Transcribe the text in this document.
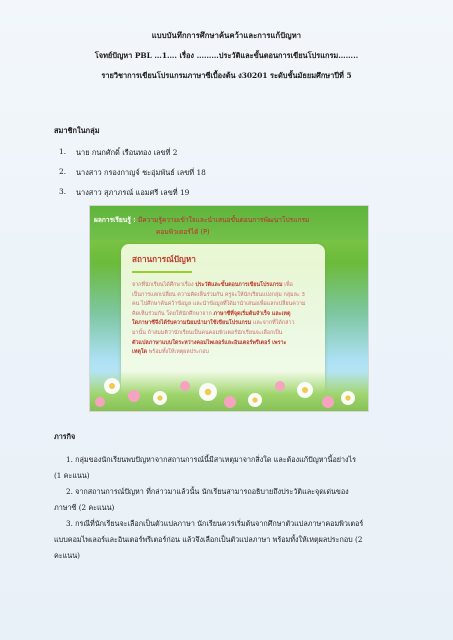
แบบบันทึกการศึกษาค้นคว้าและการแก้ปัญหา
โจทย์ปัญหา PBL …1…. เรื่อง ………ประวัติและขั้นตอนการเขียนโปรแกรม……..
รายวิชาการเขียนโปรแกรมภาษาซีเบื้องต้น ง30201 ระดับชั้นมัธยมศึกษาปีที่ 5
สมาชิกในกลุ่ม
1.	นาย กนกศักดิ์ เรือนทอง เลขที่ 2
2.	นางสาว กรองกาญจ์ ชะอุ่มพันธ์ เลขที่ 18
3.	นางสาว สุภาภรณ์ แอมศรี เลขที่ 19
ผลการเรียนรู้ : มีความรู้ความเข้าใจและนำเสนอขั้นตอนการพัฒนาโปรแกรม
คอมพิวเตอร์ได้ (P)
สถานการณ์ปัญหา
จากที่นักเรียนได้ศึกษาเรื่อง ประวัติและขั้นตอนการเขียนโปรแกรม เพื่อ
เป็นการแลกเปลี่ยน ความคิดเห็นร่วมกัน ครูจะให้นักเรียนแบ่งกลุ่ม กลุ่มละ 3
คน ไปศึกษาค้นคว้าข้อมูล และนำข้อมูลที่ได้มานำเสนอเพื่อแลกเปลี่ยนความ
คิดเห็นร่วมกัน โดยให้นักศึกษาจาก ภาษาซีที่จุดเริ่มต้นจำเร็จ และเหตุ
ใดภาษาซีจึงได้รับความนิยมนำมาใช้เขียนโปรแกรม และจากที่ได้กล่าว
มานั้น ถ้าสมมติว่านักเรียนเป็นคนคอมพิวเตอร์นักเรียนจะเลือกเป็น
ตัวแปลภาษาแบบใดระหว่างคอมไพเลอร์และอินเตอร์พรีเตอร์ เพราะ
เหตุใด พร้อมทั้งให้เหตุผลประกอบ
ภารกิจ

1. กลุ่มของนักเรียนพบปัญหาจากสถานการณ์นี้มีสาเหตุมาจากสิ่งใด และต้องแก้ปัญหานี้อย่างไร

(1 คะแนน)

2. จากสถานการณ์ปัญหา ที่กล่าวมาแล้วนั้น นักเรียนสามารถอธิบายถึงประวัติและจุดเด่นของ

ภาษาซี (2 คะแนน)

3. กรณีที่นักเรียนจะเลือกเป็นตัวแปลภาษา นักเรียนควรเริ่มต้นจากศึกษาตัวแปลภาษาคอมพิวเตอร์

แบบคอมไพเลอร์และอินเตอร์พรีเตอร์ก่อน แล้วจึงเลือกเป็นตัวแปลภาษา พร้อมทั้งให้เหตุผลประกอบ (2

คะแนน)
